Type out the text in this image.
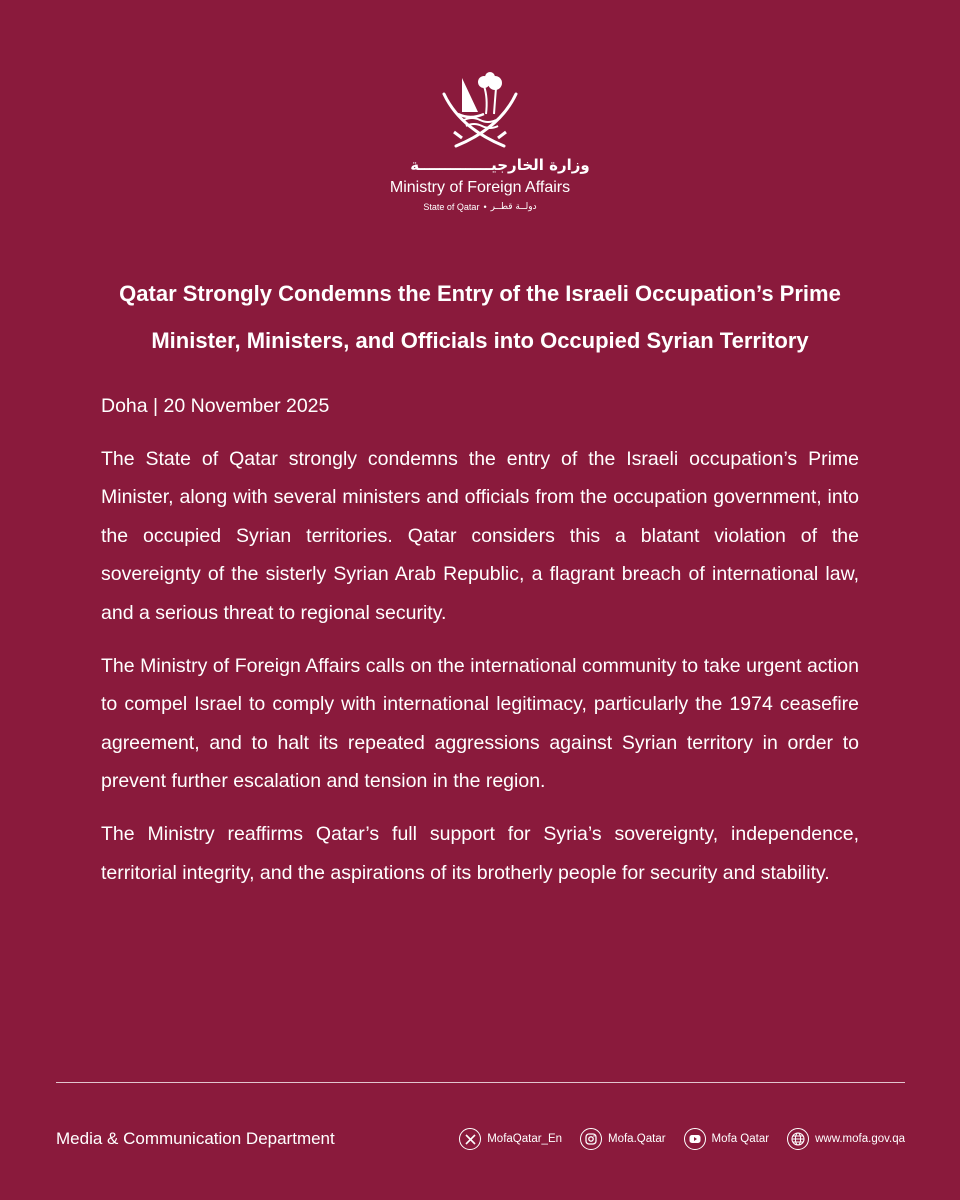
وزارة الخارجيــــــــــــــة
Ministry of Foreign Affairs
State of Qatar • دولــة قطــر
Qatar Strongly Condemns the Entry of the Israeli Occupation’s Prime
Minister, Ministers, and Officials into Occupied Syrian Territory

Doha | 20 November 2025

The State of Qatar strongly condemns the entry of the Israeli occupation’s Prime Minister, along with several ministers and officials from the occupation government, into the occupied Syrian territories. Qatar considers this a blatant violation of the sovereignty of the sisterly Syrian Arab Republic, a flagrant breach of international law, and a serious threat to regional security.

The Ministry of Foreign Affairs calls on the international community to take urgent action to compel Israel to comply with international legitimacy, particularly the 1974 ceasefire agreement, and to halt its repeated aggressions against Syrian territory in order to prevent further escalation and tension in the region.

The Ministry reaffirms Qatar’s full support for Syria’s sovereignty, independence, territorial integrity, and the aspirations of its brotherly people for security and stability.

Media & Communication Department	MofaQatar_En	Mofa.Qatar	Mofa Qatar	www.mofa.gov.qa
